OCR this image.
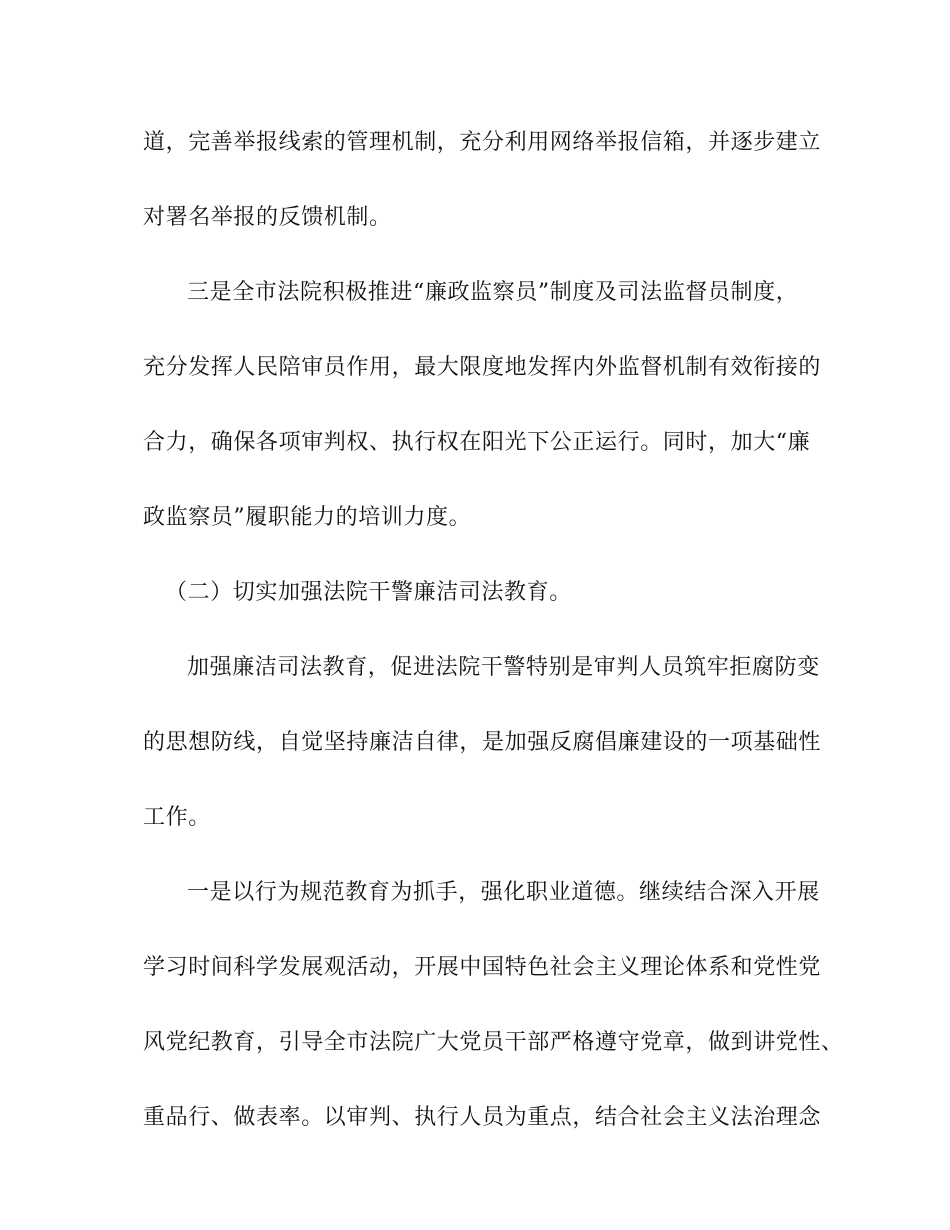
道，完善举报线索的管理机制，充分利用网络举报信箱，并逐步建立
对署名举报的反馈机制。
三是全市法院积极推进“廉政监察员”制度及司法监督员制度，
充分发挥人民陪审员作用，最大限度地发挥内外监督机制有效衔接的
合力，确保各项审判权、执行权在阳光下公正运行。同时，加大“廉
政监察员”履职能力的培训力度。
（二）切实加强法院干警廉洁司法教育。
加强廉洁司法教育，促进法院干警特别是审判人员筑牢拒腐防变
的思想防线，自觉坚持廉洁自律，是加强反腐倡廉建设的一项基础性
工作。
一是以行为规范教育为抓手，强化职业道德。继续结合深入开展
学习时间科学发展观活动，开展中国特色社会主义理论体系和党性党
风党纪教育，引导全市法院广大党员干部严格遵守党章，做到讲党性、
重品行、做表率。以审判、执行人员为重点，结合社会主义法治理念
